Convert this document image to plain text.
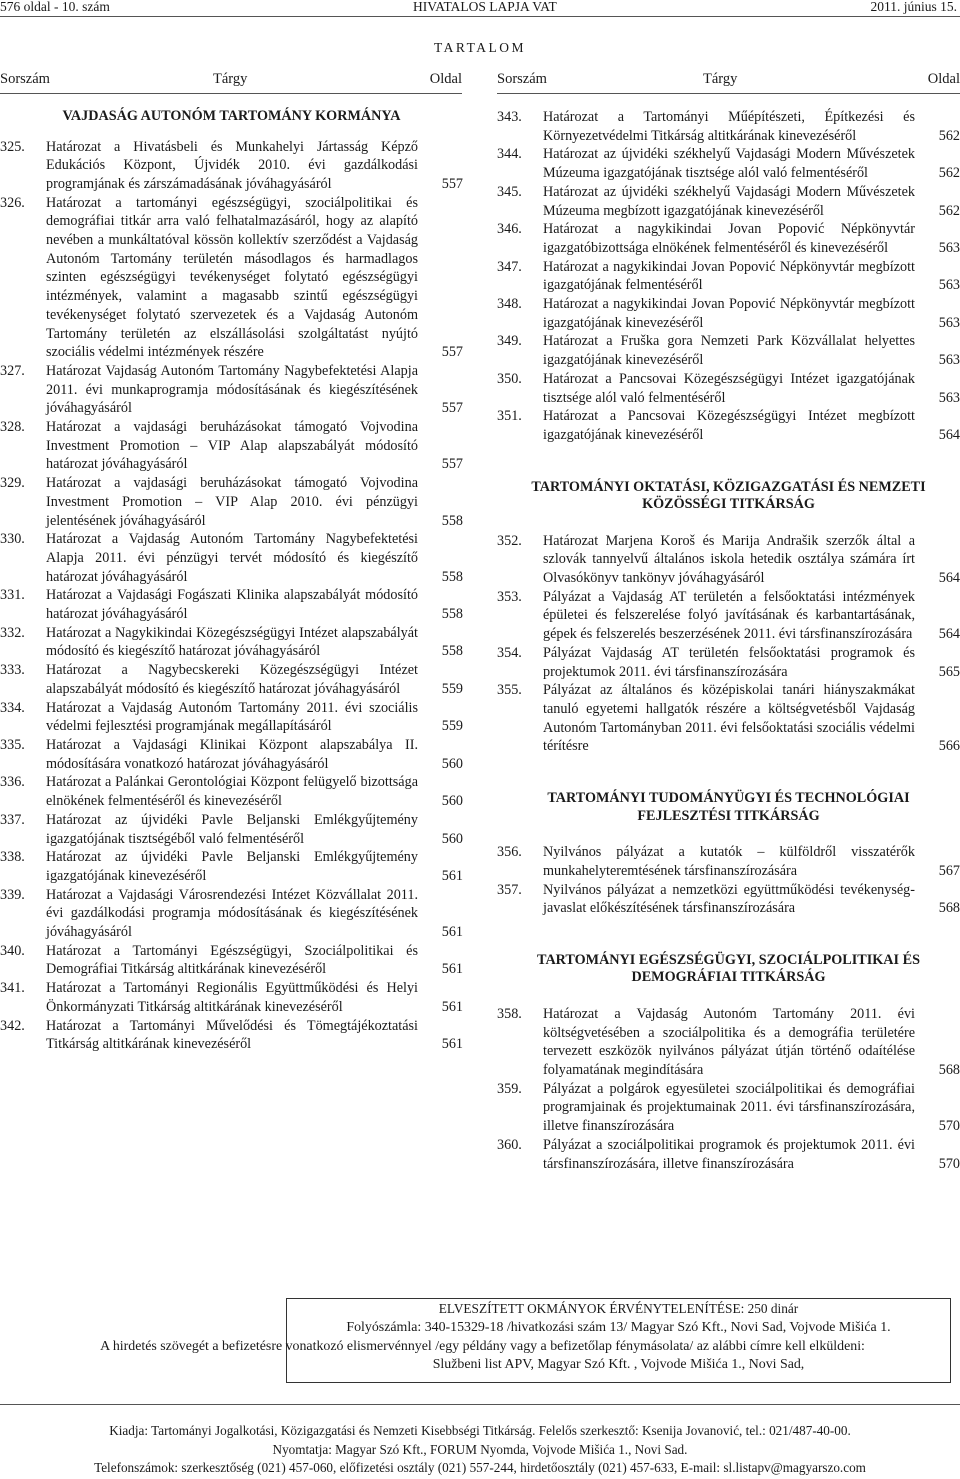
576 oldal - 10. szám	HIVATALOS LAPJA VAT	2011. június 15.
TARTALOM
Sorszám	Tárgy	Oldal Sorszám	Tárgy	Oldal
VAJDASÁG AUTONÓM TARTOMÁNY KORMÁNYA
325. Határozat a Hivatásbeli és Munkahelyi Jártasság Képző Edukációs Központ, Újvidék 2010. évi gazdálkodási programjának és zárszámadásának jóváhagyásáról	557
326. Határozat a tartományi egészségügyi, szociálpolitikai és demográfiai titkár arra való felhatalmazásáról, hogy az alapító nevében a munkáltatóval kössön kollektív szerződést a Vajdaság Autonóm Tartomány területén másodlagos és harmadlagos szinten egészségügyi tevékenységet folytató egészségügyi intézmények, valamint a magasabb szintű egészségügyi tevékenységet folytató szervezetek és a Vajdaság Autonóm Tartomány területén az elszállásolási szolgáltatást nyújtó szociális védelmi intézmények részére	557
327. Határozat Vajdaság Autonóm Tartomány Nagybefektetési Alapja 2011. évi munkaprogramja módosításának és kiegészítésének jóváhagyásáról	557
328. Határozat a vajdasági beruházásokat támogató Vojvodina Investment Promotion – VIP Alap alapszabályát módosító határozat jóváhagyásáról	557
329. Határozat a vajdasági beruházásokat támogató Vojvodina Investment Promotion – VIP Alap 2010. évi pénzügyi jelentésének jóváhagyásáról	558
330. Határozat a Vajdaság Autonóm Tartomány Nagybefektetési Alapja 2011. évi pénzügyi tervét módosító és kiegészítő határozat jóváhagyásáról	558
331. Határozat a Vajdasági Fogászati Klinika alapszabályát módosító határozat jóváhagyásáról	558
332. Határozat a Nagykikindai Közegészségügyi Intézet alapszabályát módosító és kiegészítő határozat jóváhagyásáról	558
333. Határozat a Nagybecskereki Közegészségügyi Intézet alapszabályát módosító és kiegészítő határozat jóváhagyásáról	559
334. Határozat a Vajdaság Autonóm Tartomány 2011. évi szociális védelmi fejlesztési programjának megállapításáról	559
335. Határozat a Vajdasági Klinikai Központ alapszabálya II. módosítására vonatkozó határozat jóváhagyásáról	560
336. Határozat a Palánkai Gerontológiai Központ felügyelő bizottsága elnökének felmentéséről és kinevezéséről	560
337. Határozat az újvidéki Pavle Beljanski Emlékgyűjtemény igazgatójának tisztségéből való felmentéséről	560
338. Határozat az újvidéki Pavle Beljanski Emlékgyűjtemény igazgatójának kinevezéséről	561
339. Határozat a Vajdasági Városrendezési Intézet Közvállalat 2011. évi gazdálkodási programja módosításának és kiegészítésének jóváhagyásáról	561
340. Határozat a Tartományi Egészségügyi, Szociálpolitikai és Demográfiai Titkárság altitkárának kinevezéséről	561
341. Határozat a Tartományi Regionális Együttműködési és Helyi Önkormányzati Titkárság altitkárának kinevezéséről	561
342. Határozat a Tartományi Művelődési és Tömegtájékoztatási Titkárság altitkárának kinevezéséről	561
343. Határozat a Tartományi Műépítészeti, Építkezési és Környezetvédelmi Titkárság altitkárának kinevezéséről	562
344. Határozat az újvidéki székhelyű Vajdasági Modern Művészetek Múzeuma igazgatójának tisztsége alól való felmentéséről	562
345. Határozat az újvidéki székhelyű Vajdasági Modern Művészetek Múzeuma megbízott igazgatójának kinevezéséről	562
346. Határozat a nagykikindai Jovan Popović Népkönyvtár igazgatóbizottsága elnökének felmentéséről és kinevezéséről	563
347. Határozat a nagykikindai Jovan Popović Népkönyvtár megbízott igazgatójának felmentéséről	563
348. Határozat a nagykikindai Jovan Popović Népkönyvtár megbízott igazgatójának kinevezéséről	563
349. Határozat a Fruška gora Nemzeti Park Közvállalat helyettes igazgatójának kinevezéséről	563
350. Határozat a Pancsovai Közegészségügyi Intézet igazgatójának tisztsége alól való felmentéséről	563
351. Határozat a Pancsovai Közegészségügyi Intézet megbízott igazgatójának kinevezéséről	564
TARTOMÁNYI OKTATÁSI, KÖZIGAZGATÁSI ÉS NEMZETI KÖZÖSSÉGI TITKÁRSÁG
352. Határozat Marjena Koroš és Marija Andrašik szerzők által a szlovák tannyelvű általános iskola hetedik osztálya számára írt Olvasókönyv tankönyv jóváhagyásáról	564
353. Pályázat a Vajdaság AT területén a felsőoktatási intézmények épületei és felszerelése folyó javításának és karbantartásának, gépek és felszerelés beszerzésének 2011. évi társfinanszírozására	564
354. Pályázat Vajdaság AT területén felsőoktatási programok és projektumok 2011. évi társfinanszírozására	565
355. Pályázat az általános és középiskolai tanári hiányszakmákat tanuló egyetemi hallgatók részére a költségvetésből Vajdaság Autonóm Tartományban 2011. évi felsőoktatási szociális védelmi térítésre	566
TARTOMÁNYI TUDOMÁNYÜGYI ÉS TECHNOLÓGIAI FEJLESZTÉSI TITKÁRSÁG
356. Nyilvános pályázat a kutatók – külföldről visszatérők munkahelyteremtésének társfinanszírozására	567
357. Nyilvános pályázat a nemzetközi együttműködési tevékenység-javaslat előkészítésének társfinanszírozására	568
TARTOMÁNYI EGÉSZSÉGÜGYI, SZOCIÁLPOLITIKAI ÉS DEMOGRÁFIAI TITKÁRSÁG
358. Határozat a Vajdaság Autonóm Tartomány 2011. évi költségvetésében a szociálpolitika és a demográfia területére tervezett eszközök nyilvános pályázat útján történő odaítélése folyamatának megindítására	568
359. Pályázat a polgárok egyesületei szociálpolitikai és demográfiai programjainak és projektumainak 2011. évi társfinanszírozására, illetve finanszírozására	570
360. Pályázat a szociálpolitikai programok és projektumok 2011. évi társfinanszírozására, illetve finanszírozására	570
ELVESZÍTETT OKMÁNYOK ÉRVÉNYTELENÍTÉSE: 250 dinár
Folyószámla: 340-15329-18 /hivatkozási szám 13/ Magyar Szó Kft., Novi Sad, Vojvode Mišića 1.
A hirdetés szövegét a befizetésre vonatkozó elismervénnyel /egy példány vagy a befizetőlap fénymásolata/ az alábbi címre kell elküldeni:
Službeni list APV, Magyar Szó Kft. , Vojvode Mišića 1., Novi Sad,
Kiadja: Tartományi Jogalkotási, Közigazgatási és Nemzeti Kisebbségi Titkárság. Felelős szerkesztő: Ksenija Jovanović, tel.: 021/487-40-00.
Nyomtatja: Magyar Szó Kft., FORUM Nyomda, Vojvode Mišića 1., Novi Sad.
Telefonszámok: szerkesztőség (021) 457-060, előfizetési osztály (021) 557-244, hirdetőosztály (021) 457-633, E-mail: sl.listapv@magyarszo.com
